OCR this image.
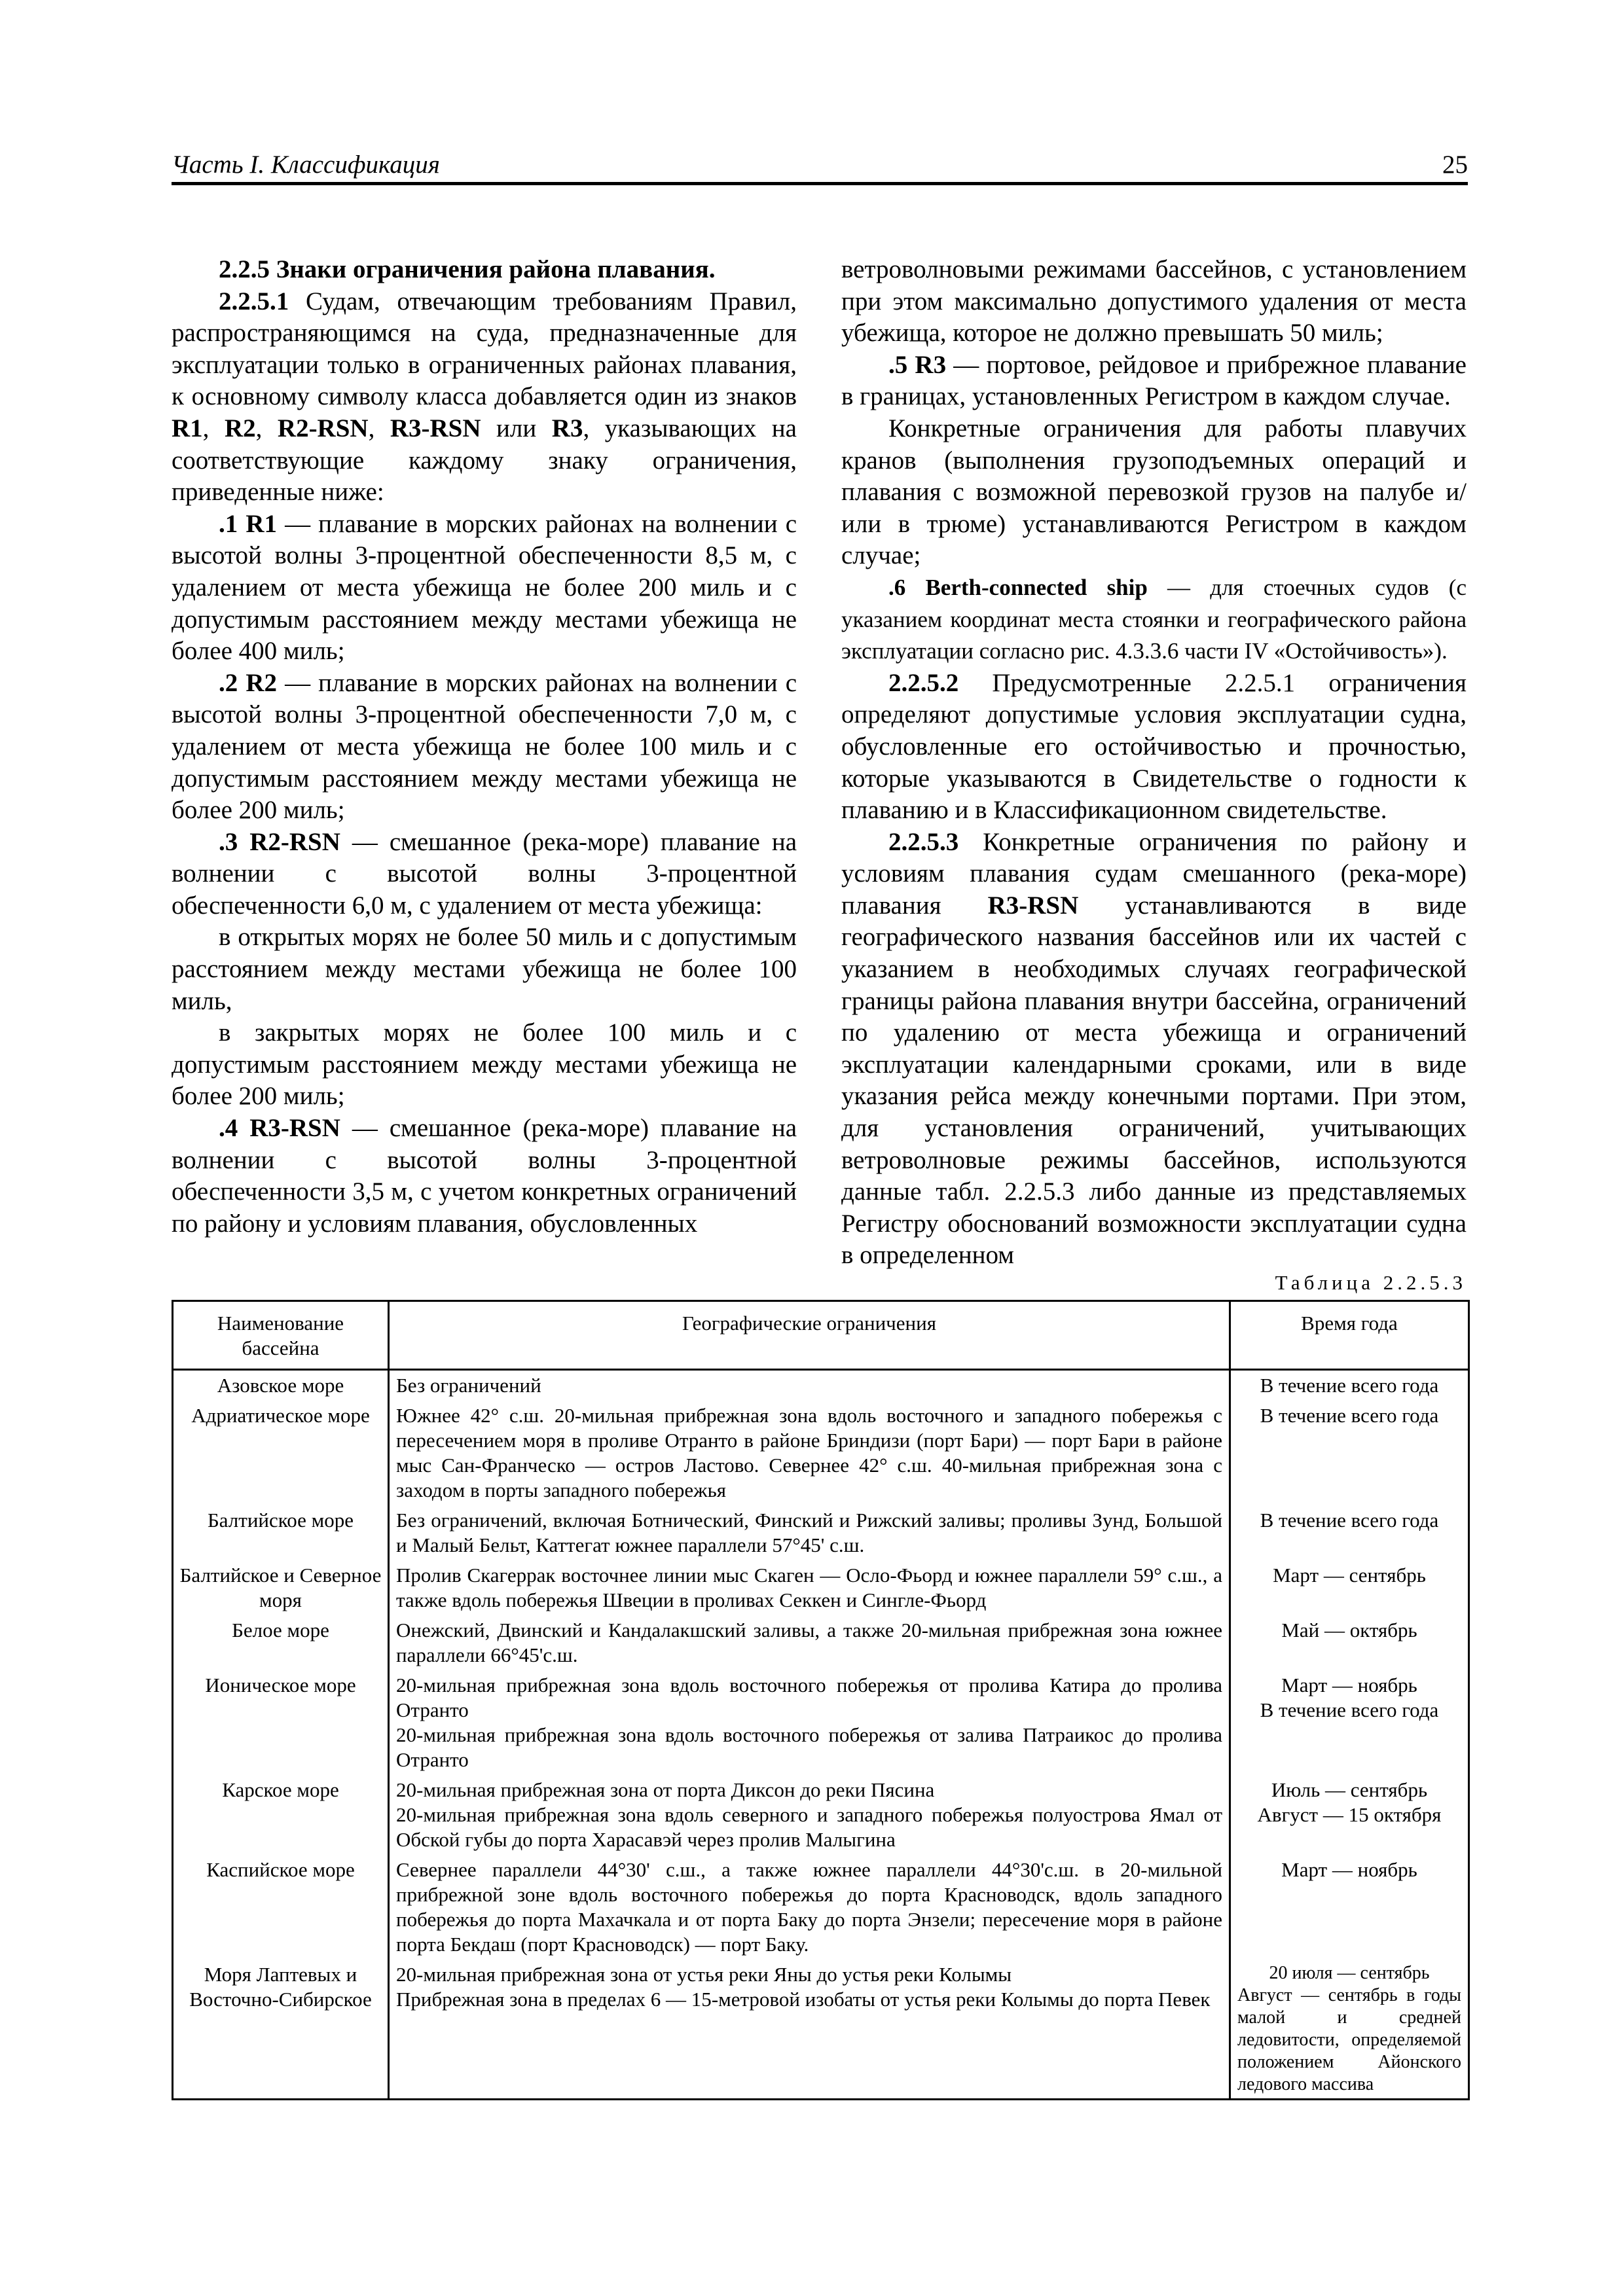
Часть I. Классификация	25

2.2.5 Знаки ограничения района плавания.

2.2.5.1 Судам, отвечающим требованиям Правил, распространяющимся на суда, предназначенные для эксплуатации только в ограниченных районах плавания, к основному символу класса добавляется один из знаков R1, R2, R2-RSN, R3-RSN или R3, указывающих на соответствующие каждому знаку ограничения, приведенные ниже:

.1 R1 — плавание в морских районах на волнении с высотой волны 3-процентной обеспеченности 8,5 м, с удалением от места убежища не более 200 миль и с допустимым расстоянием между местами убежища не более 400 миль;

.2 R2 — плавание в морских районах на волнении с высотой волны 3-процентной обеспеченности 7,0 м, с удалением от места убежища не более 100 миль и с допустимым расстоянием между местами убежища не более 200 миль;

.3 R2-RSN — смешанное (река-море) плавание на волнении с высотой волны 3-процентной обеспеченности 6,0 м, с удалением от места убежища:

в открытых морях не более 50 миль и с допустимым расстоянием между местами убежища не более 100 миль,

в закрытых морях не более 100 миль и с допустимым расстоянием между местами убежища не более 200 миль;

.4 R3-RSN — смешанное (река-море) плавание на волнении с высотой волны 3-процентной обеспеченности 3,5 м, с учетом конкретных ограничений по району и условиям плавания, обусловленных

ветроволновыми режимами бассейнов, с установлением при этом максимально допустимого удаления от места убежища, которое не должно превышать 50 миль;

.5 R3 — портовое, рейдовое и прибрежное плавание в границах, установленных Регистром в каждом случае.

Конкретные ограничения для работы плавучих кранов (выполнения грузоподъемных операций и плавания с возможной перевозкой грузов на палубе и/или в трюме) устанавливаются Регистром в каждом случае;

.6 Berth-connected ship — для стоечных судов (с указанием координат места стоянки и географического района эксплуатации согласно рис. 4.3.3.6 части IV «Остойчивость»).

2.2.5.2 Предусмотренные 2.2.5.1 ограничения определяют допустимые условия эксплуатации судна, обусловленные его остойчивостью и прочностью, которые указываются в Свидетельстве о годности к плаванию и в Классификационном свидетельстве.

2.2.5.3 Конкретные ограничения по району и условиям плавания судам смешанного (река-море) плавания R3-RSN устанавливаются в виде географического названия бассейнов или их частей с указанием в необходимых случаях географической границы района плавания внутри бассейна, ограничений по удалению от места убежища и ограничений эксплуатации календарными сроками, или в виде указания рейса между конечными портами. При этом, для установления ограничений, учитывающих ветроволновые режимы бассейнов, используются данные табл. 2.2.5.3 либо данные из представляемых Регистру обоснований возможности эксплуатации судна в определенном

Таблица 2.2.5.3
Наименование бассейна	Географические ограничения	Время года
Азовское море	Без ограничений	В течение всего года

Адриатическое море	Южнее 42° с.ш. 20-мильная прибрежная зона вдоль восточного и западного побережья с пересечением моря в проливе Отранто в районе Бриндизи (порт Бари) — порт Бари в районе мыс Сан-Франческо — остров Ластово. Севернее 42° с.ш. 40-мильная прибрежная зона с заходом в порты западного побережья	В течение всего года

Балтийское море	Без ограничений, включая Ботнический, Финский и Рижский заливы; проливы Зунд, Большой и Малый Бельт, Каттегат южнее параллели 57°45' с.ш.	В течение всего года

Балтийское и Северное моря	Пролив Скагеррак восточнее линии мыс Скаген — Осло-Фьорд и южнее параллели 59° с.ш., а также вдоль побережья Швеции в проливах Секкен и Сингле-Фьорд	Март — сентябрь

Белое море	Онежский, Двинский и Кандалакшский заливы, а также 20-мильная прибрежная зона южнее параллели 66°45'с.ш.	Май — октябрь

Ионическое море	20-мильная прибрежная зона вдоль восточного побережья от пролива Катира до пролива Отранто
20-мильная прибрежная зона вдоль восточного побережья от залива Патраикос до пролива Отранто	Март — ноябрь
В течение всего года

Карское море	20-мильная прибрежная зона от порта Диксон до реки Пясина
20-мильная прибрежная зона вдоль северного и западного побережья полуострова Ямал от Обской губы до порта Харасавэй через пролив Малыгина	Июль — сентябрь
Август — 15 октября

Каспийское море	Севернее параллели 44°30' с.ш., а также южнее параллели 44°30'с.ш. в 20-мильной прибрежной зоне вдоль восточного побережья до порта Красноводск, вдоль западного побережья до порта Махачкала и от порта Баку до порта Энзели; пересечение моря в районе порта Бекдаш (порт Красноводск) — порт Баку.	Март — ноябрь

Моря Лаптевых и Восточно-Сибирское	20-мильная прибрежная зона от устья реки Яны до устья реки Колымы
Прибрежная зона в пределах 6 — 15-метровой изобаты от устья реки Колымы до порта Певек	20 июля — сентябрь
Август — сентябрь в годы малой и средней ледовитости, определяемой положением Айонского ледового массива
